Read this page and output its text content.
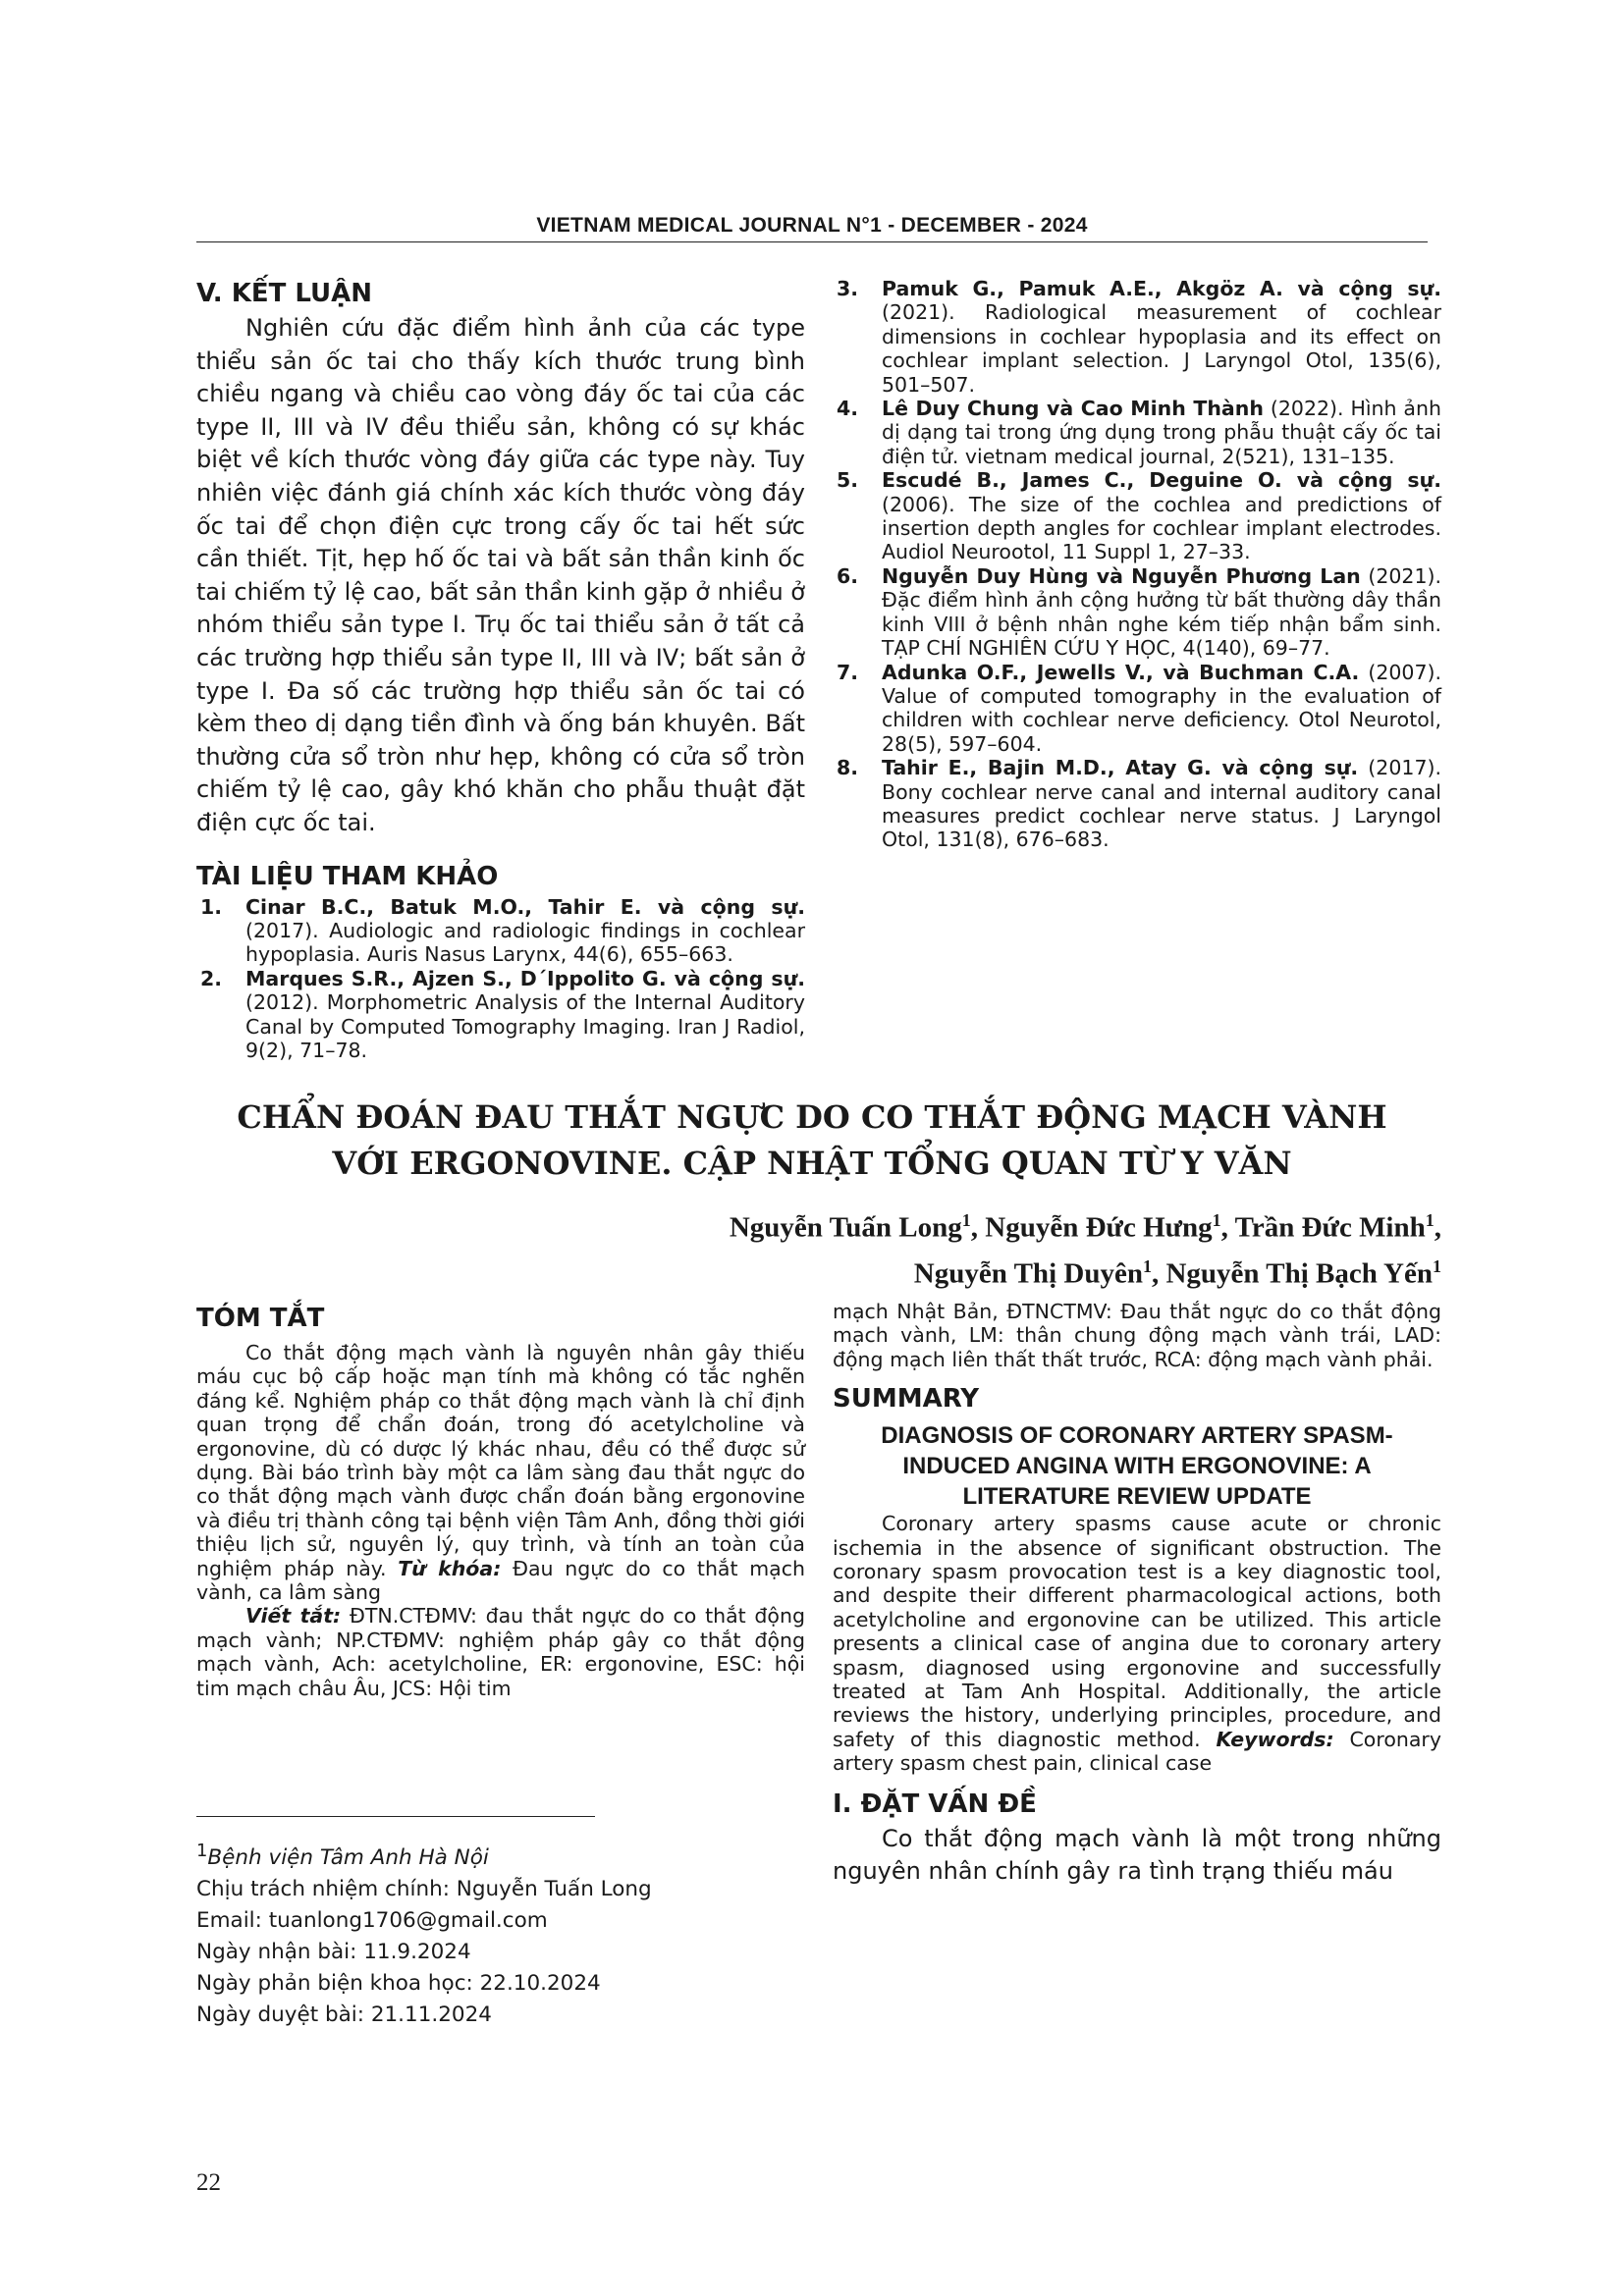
VIETNAM MEDICAL JOURNAL N°1 - DECEMBER - 2024
V. KẾT LUẬN

Nghiên cứu đặc điểm hình ảnh của các type thiểu sản ốc tai cho thấy kích thước trung bình chiều ngang và chiều cao vòng đáy ốc tai của các type II, III và IV đều thiểu sản, không có sự khác biệt về kích thước vòng đáy giữa các type này. Tuy nhiên việc đánh giá chính xác kích thước vòng đáy ốc tai để chọn điện cực trong cấy ốc tai hết sức cần thiết. Tịt, hẹp hố ốc tai và bất sản thần kinh ốc tai chiếm tỷ lệ cao, bất sản thần kinh gặp ở nhiều ở nhóm thiểu sản type I. Trụ ốc tai thiểu sản ở tất cả các trường hợp thiểu sản type II, III và IV; bất sản ở type I. Đa số các trường hợp thiểu sản ốc tai có kèm theo dị dạng tiền đình và ống bán khuyên. Bất thường cửa sổ tròn như hẹp, không có cửa sổ tròn chiếm tỷ lệ cao, gây khó khăn cho phẫu thuật đặt điện cực ốc tai.

TÀI LIỆU THAM KHẢO

1. Cinar B.C., Batuk M.O., Tahir E. và cộng sự. (2017). Audiologic and radiologic findings in cochlear hypoplasia. Auris Nasus Larynx, 44(6), 655–663.

2. Marques S.R., Ajzen S., D´Ippolito G. và cộng sự. (2012). Morphometric Analysis of the Internal Auditory Canal by Computed Tomography Imaging. Iran J Radiol, 9(2), 71–78.

3. Pamuk G., Pamuk A.E., Akgöz A. và cộng sự. (2021). Radiological measurement of cochlear dimensions in cochlear hypoplasia and its effect on cochlear implant selection. J Laryngol Otol, 135(6), 501–507.

4. Lê Duy Chung và Cao Minh Thành (2022). Hình ảnh dị dạng tai trong ứng dụng trong phẫu thuật cấy ốc tai điện tử. vietnam medical journal, 2(521), 131–135.

5. Escudé B., James C., Deguine O. và cộng sự. (2006). The size of the cochlea and predictions of insertion depth angles for cochlear implant electrodes. Audiol Neurootol, 11 Suppl 1, 27–33.

6. Nguyễn Duy Hùng và Nguyễn Phương Lan (2021). Đặc điểm hình ảnh cộng hưởng từ bất thường dây thần kinh VIII ở bệnh nhân nghe kém tiếp nhận bẩm sinh. TẠP CHÍ NGHIÊN CỨU Y HỌC, 4(140), 69–77.

7. Adunka O.F., Jewells V., và Buchman C.A. (2007). Value of computed tomography in the evaluation of children with cochlear nerve deficiency. Otol Neurotol, 28(5), 597–604.

8. Tahir E., Bajin M.D., Atay G. và cộng sự. (2017). Bony cochlear nerve canal and internal auditory canal measures predict cochlear nerve status. J Laryngol Otol, 131(8), 676–683.

CHẨN ĐOÁN ĐAU THẮT NGỰC DO CO THẮT ĐỘNG MẠCH VÀNH
VỚI ERGONOVINE. CẬP NHẬT TỔNG QUAN TỪ Y VĂN
Nguyễn Tuấn Long$^1$, Nguyễn Đức Hưng$^1$, Trần Đức Minh$^1$,
Nguyễn Thị Duyên$^1$, Nguyễn Thị Bạch Yến$^1$
TÓM TẮT

Co thắt động mạch vành là nguyên nhân gây thiếu máu cục bộ cấp hoặc mạn tính mà không có tắc nghẽn đáng kể. Nghiệm pháp co thắt động mạch vành là chỉ định quan trọng để chẩn đoán, trong đó acetylcholine và ergonovine, dù có dược lý khác nhau, đều có thể được sử dụng. Bài báo trình bày một ca lâm sàng đau thắt ngực do co thắt động mạch vành được chẩn đoán bằng ergonovine và điều trị thành công tại bệnh viện Tâm Anh, đồng thời giới thiệu lịch sử, nguyên lý, quy trình, và tính an toàn của nghiệm pháp này. Từ khóa: Đau ngực do co thắt mạch vành, ca lâm sàng

Viết tắt: ĐTN.CTĐMV: đau thắt ngực do co thắt động mạch vành; NP.CTĐMV: nghiệm pháp gây co thắt động mạch vành, Ach: acetylcholine, ER: ergonovine, ESC: hội tim mạch châu Âu, JCS: Hội tim

mạch Nhật Bản, ĐTNCTMV: Đau thắt ngực do co thắt động mạch vành, LM: thân chung động mạch vành trái, LAD: động mạch liên thất thất trước, RCA: động mạch vành phải.

SUMMARY

DIAGNOSIS OF CORONARY ARTERY SPASM-INDUCED ANGINA WITH ERGONOVINE: A LITERATURE REVIEW UPDATE

Coronary artery spasms cause acute or chronic ischemia in the absence of significant obstruction. The coronary spasm provocation test is a key diagnostic tool, and despite their different pharmacological actions, both acetylcholine and ergonovine can be utilized. This article presents a clinical case of angina due to coronary artery spasm, diagnosed using ergonovine and successfully treated at Tam Anh Hospital. Additionally, the article reviews the history, underlying principles, procedure, and safety of this diagnostic method. Keywords: Coronary artery spasm chest pain, clinical case

I. ĐẶT VẤN ĐỀ

Co thắt động mạch vành là một trong những nguyên nhân chính gây ra tình trạng thiếu máu

$^1$Bệnh viện Tâm Anh Hà Nội

Chịu trách nhiệm chính: Nguyễn Tuấn Long

Email: tuanlong1706@gmail.com

Ngày nhận bài: 11.9.2024

Ngày phản biện khoa học: 22.10.2024

Ngày duyệt bài: 21.11.2024

22
